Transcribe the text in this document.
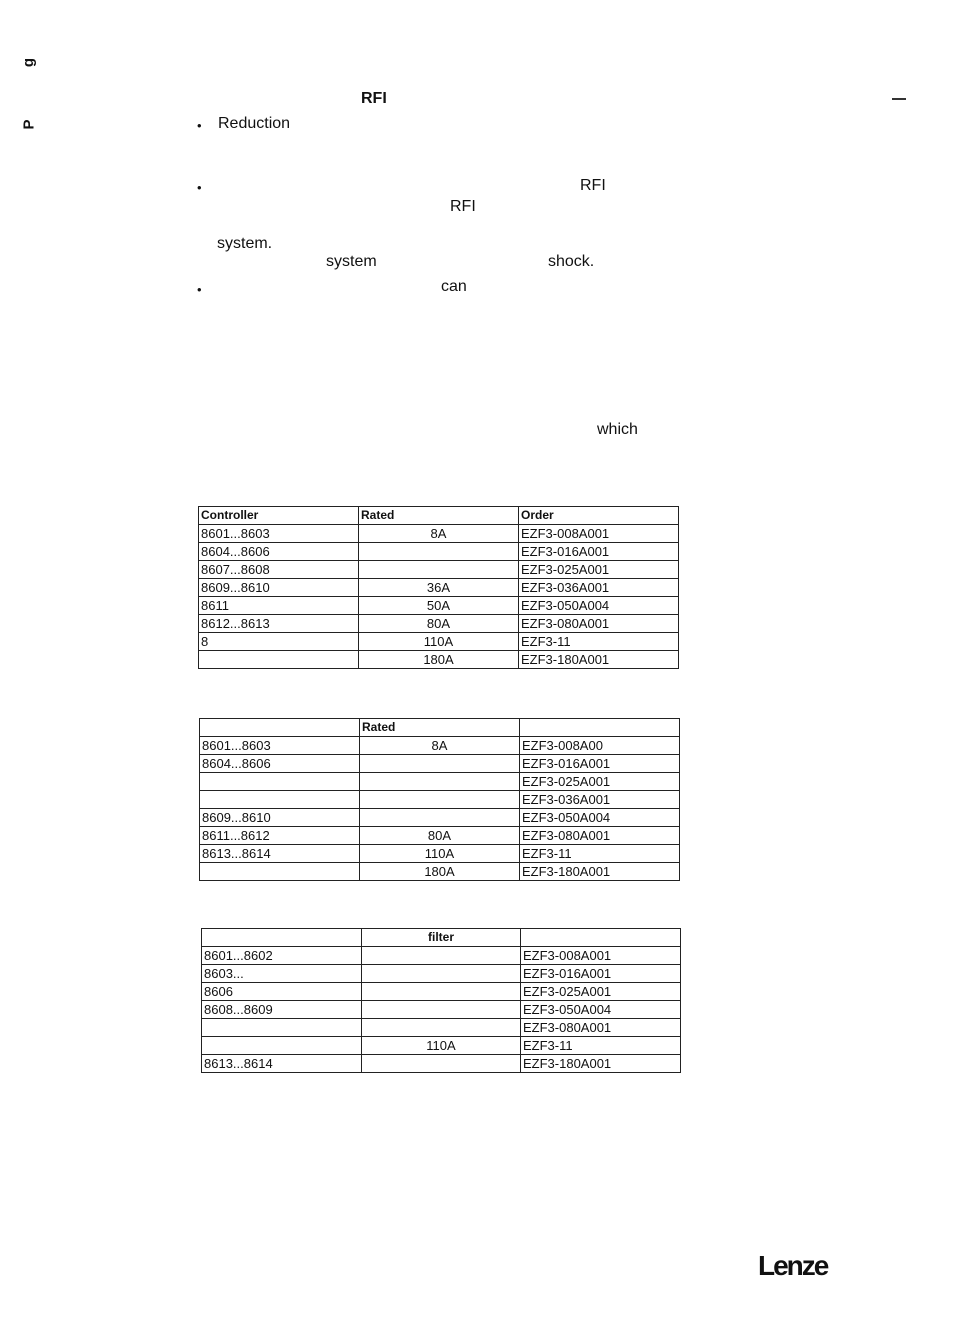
g
P
RFI
• Reduction
•	RFI
RFI
system.
system	shock.
•	can
which
Controller	Rated	Order
8601...8603	8A	EZF3-008A001
8604...8606		EZF3-016A001
8607...8608		EZF3-025A001
8609...8610	36A	EZF3-036A001
8611	50A	EZF3-050A004
8612...8613	80A	EZF3-080A001
8	110A	EZF3-11
	180A	EZF3-180A001
	Rated	
8601...8603	8A	EZF3-008A00
8604...8606		EZF3-016A001
		EZF3-025A001
		EZF3-036A001
8609...8610		EZF3-050A004
8611...8612	80A	EZF3-080A001
8613...8614	110A	EZF3-11
	180A	EZF3-180A001
	filter	
8601...8602		EZF3-008A001
8603...		EZF3-016A001
8606		EZF3-025A001
8608...8609		EZF3-050A004
		EZF3-080A001
	110A	EZF3-11
8613...8614		EZF3-180A001
Lenze
